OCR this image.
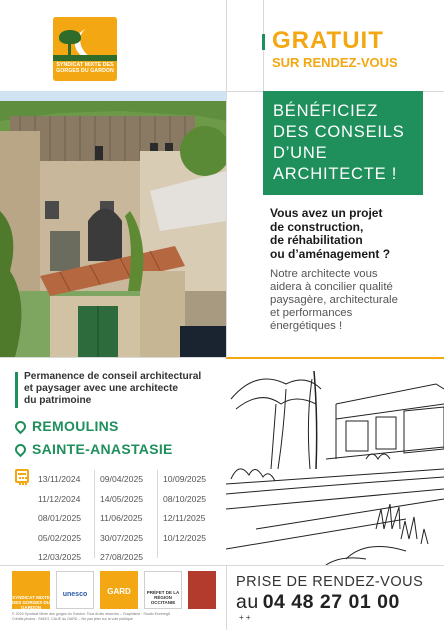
SYNDICAT MIXTE DES
GORGES DU GARDON
GRATUIT
SUR RENDEZ-VOUS
BÉNÉFICIEZ
DES CONSEILS
D’UNE
ARCHITECTE !
Vous avez un projet
de construction,
de réhabilitation
ou d’aménagement ?
Notre architecte vous
aidera à concilier qualité
paysagère, architecturale
et performances
énergétiques !
Permanence de conseil architectural
et paysager avec une architecte
du patrimoine
REMOULINS
SAINTE-ANASTASIE
13/11/2024
11/12/2024
08/01/2025
05/02/2025
12/03/2025
09/04/2025
14/05/2025
11/06/2025
30/07/2025
27/08/2025
10/09/2025
08/10/2025
12/11/2025
10/12/2025
SYNDICAT MIXTE DES GORGES DU GARDON
unesco	GARD	PRÉFET DE LA RÉGION OCCITANIE
© 2024 Syndicat Mixte des gorges du Gardon. Tous droits réservés – Graphisme : Studio Encéreg8
Crédits photos : SMGG, CAUE du GARD – Ne pas jeter sur la voie publique
PRISE DE RENDEZ-VOUS
au 04 48 27 01 00
+ +
